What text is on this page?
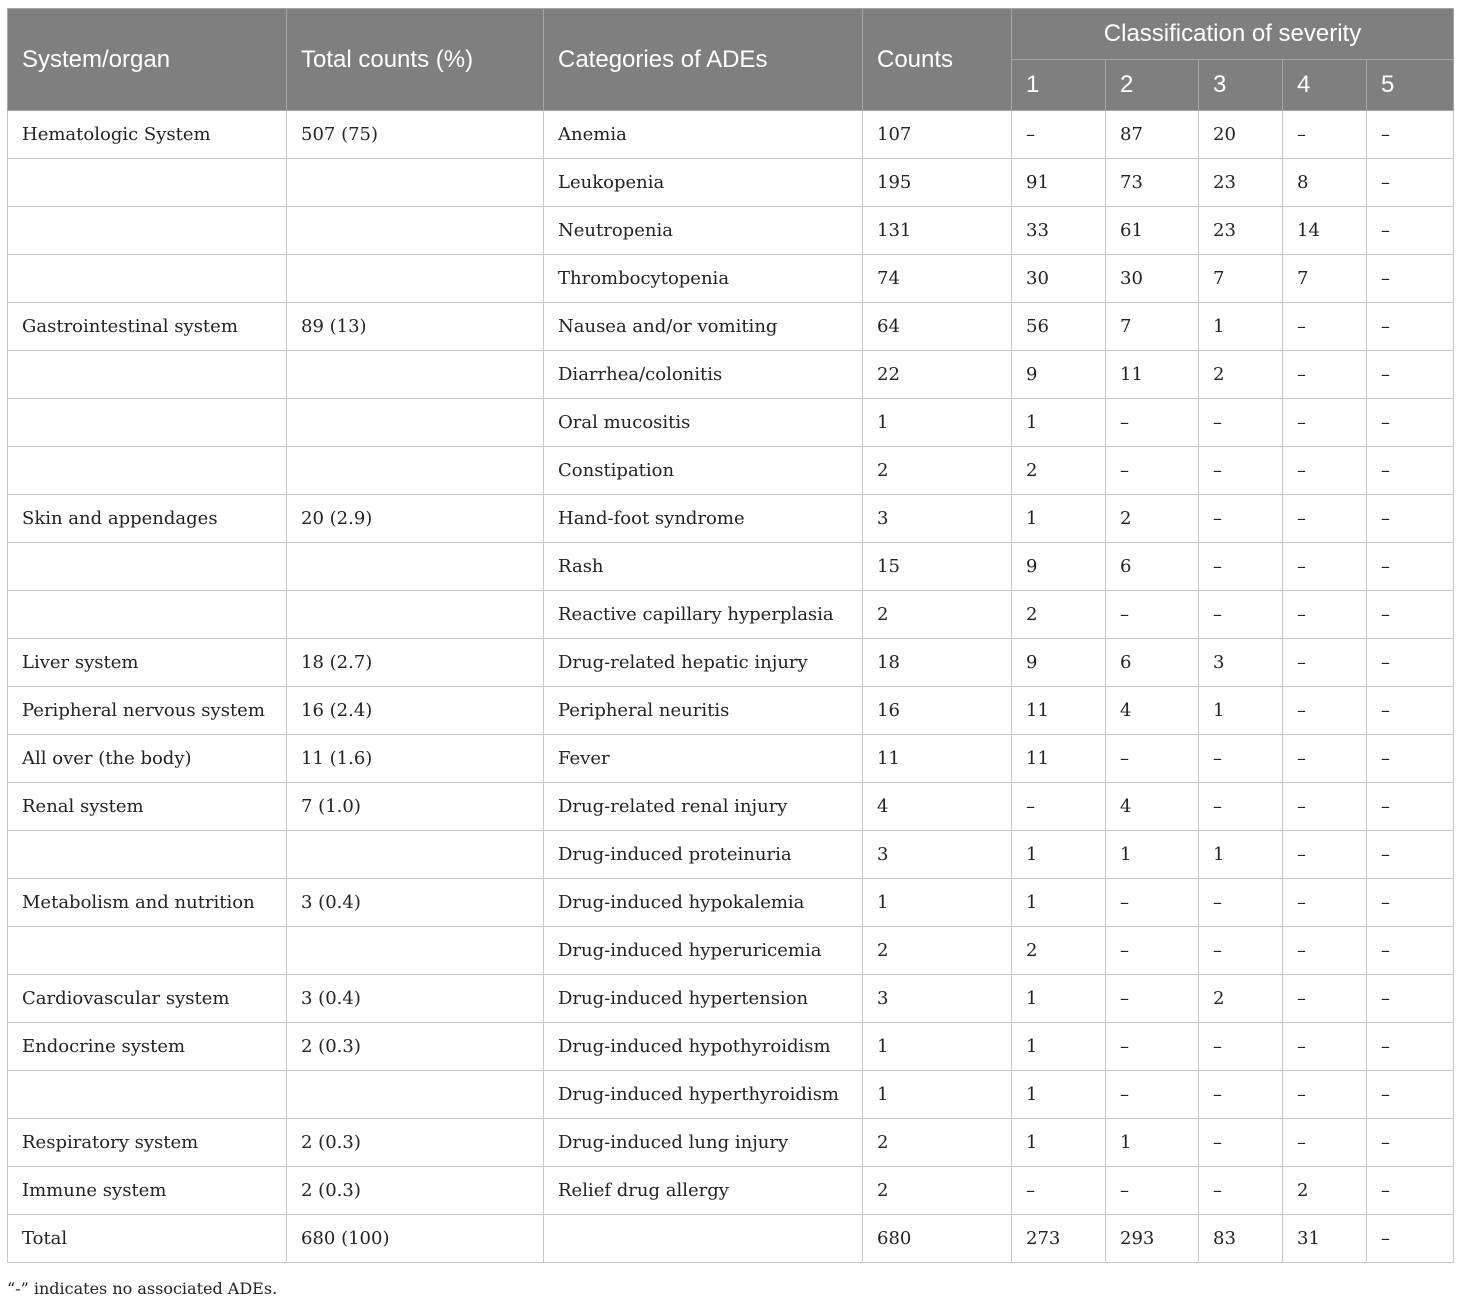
System/organ	Total counts (%)	Categories of ADEs	Counts	Classification of severity				
				1	2	3	4	5
Hematologic System	507 (75)	Anemia	107	–	87	20	–	–
		Leukopenia	195	91	73	23	8	–
		Neutropenia	131	33	61	23	14	–
		Thrombocytopenia	74	30	30	7	7	–
Gastrointestinal system	89 (13)	Nausea and/or vomiting	64	56	7	1	–	–
		Diarrhea/colonitis	22	9	11	2	–	–
		Oral mucositis	1	1	–	–	–	–
		Constipation	2	2	–	–	–	–
Skin and appendages	20 (2.9)	Hand-foot syndrome	3	1	2	–	–	–
		Rash	15	9	6	–	–	–
		Reactive capillary hyperplasia	2	2	–	–	–	–
Liver system	18 (2.7)	Drug-related hepatic injury	18	9	6	3	–	–
Peripheral nervous system	16 (2.4)	Peripheral neuritis	16	11	4	1	–	–
All over (the body)	11 (1.6)	Fever	11	11	–	–	–	–
Renal system	7 (1.0)	Drug-related renal injury	4	–	4	–	–	–
		Drug-induced proteinuria	3	1	1	1	–	–
Metabolism and nutrition	3 (0.4)	Drug-induced hypokalemia	1	1	–	–	–	–
		Drug-induced hyperuricemia	2	2	–	–	–	–
Cardiovascular system	3 (0.4)	Drug-induced hypertension	3	1	–	2	–	–
Endocrine system	2 (0.3)	Drug-induced hypothyroidism	1	1	–	–	–	–
		Drug-induced hyperthyroidism	1	1	–	–	–	–
Respiratory system	2 (0.3)	Drug-induced lung injury	2	1	1	–	–	–
Immune system	2 (0.3)	Relief drug allergy	2	–	–	–	2	–
Total	680 (100)		680	273	293	83	31	–
“-” indicates no associated ADEs.
